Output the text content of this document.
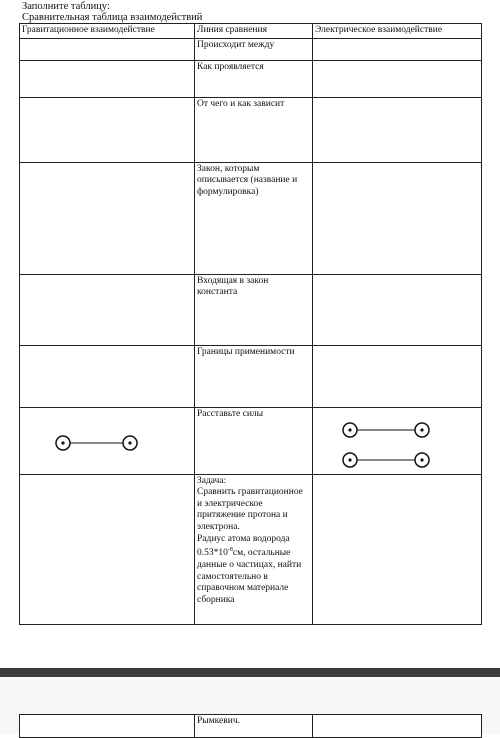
Заполните таблицу:
Сравнительная таблица взаимодействий
Гравитационное взаимодействие	Линия сравнения	Электрическое взаимодействие
	Происходит между	
	Как проявляется	
	От чего и как зависит	
	Закон, которым описывается (название и формулировка)	
	Входящая в закон константа	
	Границы применимости	

	Расставьте силы	

	Задача:
Сравнить гравитационное и электрическое притяжение протона и электрона.
Радиус атома водорода $0.53*10^{-8}см$, остальные данные о частицах, найти самостоятельно в справочном материале сборника	

	Рымкевич.	
